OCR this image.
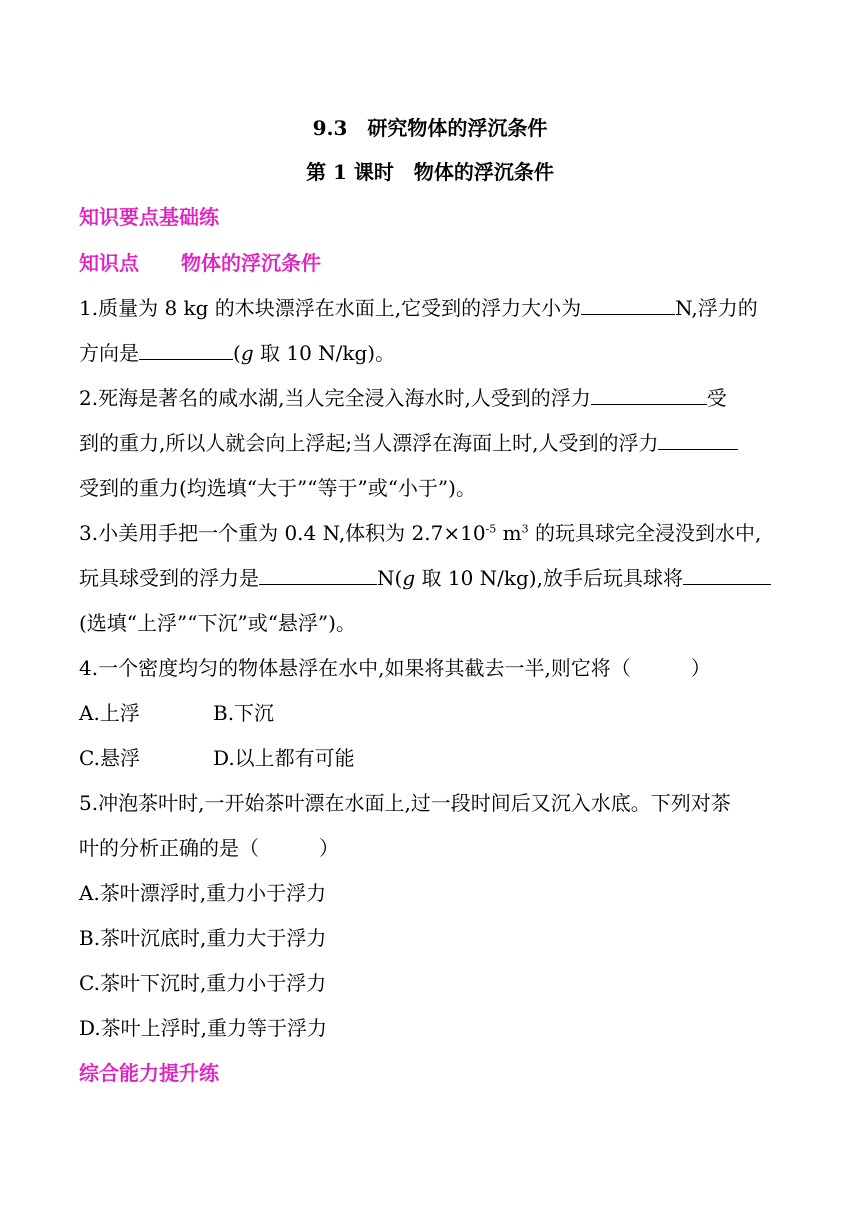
9.3　研究物体的浮沉条件
第 1 课时　物体的浮沉条件
知识要点基础练
知识点 物体的浮沉条件
1.质量为 8 kg 的木块漂浮在水面上,它受到的浮力大小为	N,浮力的
方向是	(g 取 10 N/kg)。
2.死海是著名的咸水湖,当人完全浸入海水时,人受到的浮力	受
到的重力,所以人就会向上浮起;当人漂浮在海面上时,人受到的浮力
受到的重力(均选填“大于”“等于”或“小于”)。
3.小美用手把一个重为 0.4 N,体积为 $2.7\times 10^{-5}$ $m^3$ 的玩具球完全浸没到水中,
玩具球受到的浮力是	N(g 取 10 N/kg),放手后玩具球将
(选填“上浮”“下沉”或“悬浮”)。
4.一个密度均匀的物体悬浮在水中,如果将其截去一半,则它将（　　　）
A.上浮	B.下沉
C.悬浮	D.以上都有可能
5.冲泡茶叶时,一开始茶叶漂在水面上,过一段时间后又沉入水底。下列对茶
叶的分析正确的是（　　　）
A.茶叶漂浮时,重力小于浮力
B.茶叶沉底时,重力大于浮力
C.茶叶下沉时,重力小于浮力
D.茶叶上浮时,重力等于浮力
综合能力提升练
